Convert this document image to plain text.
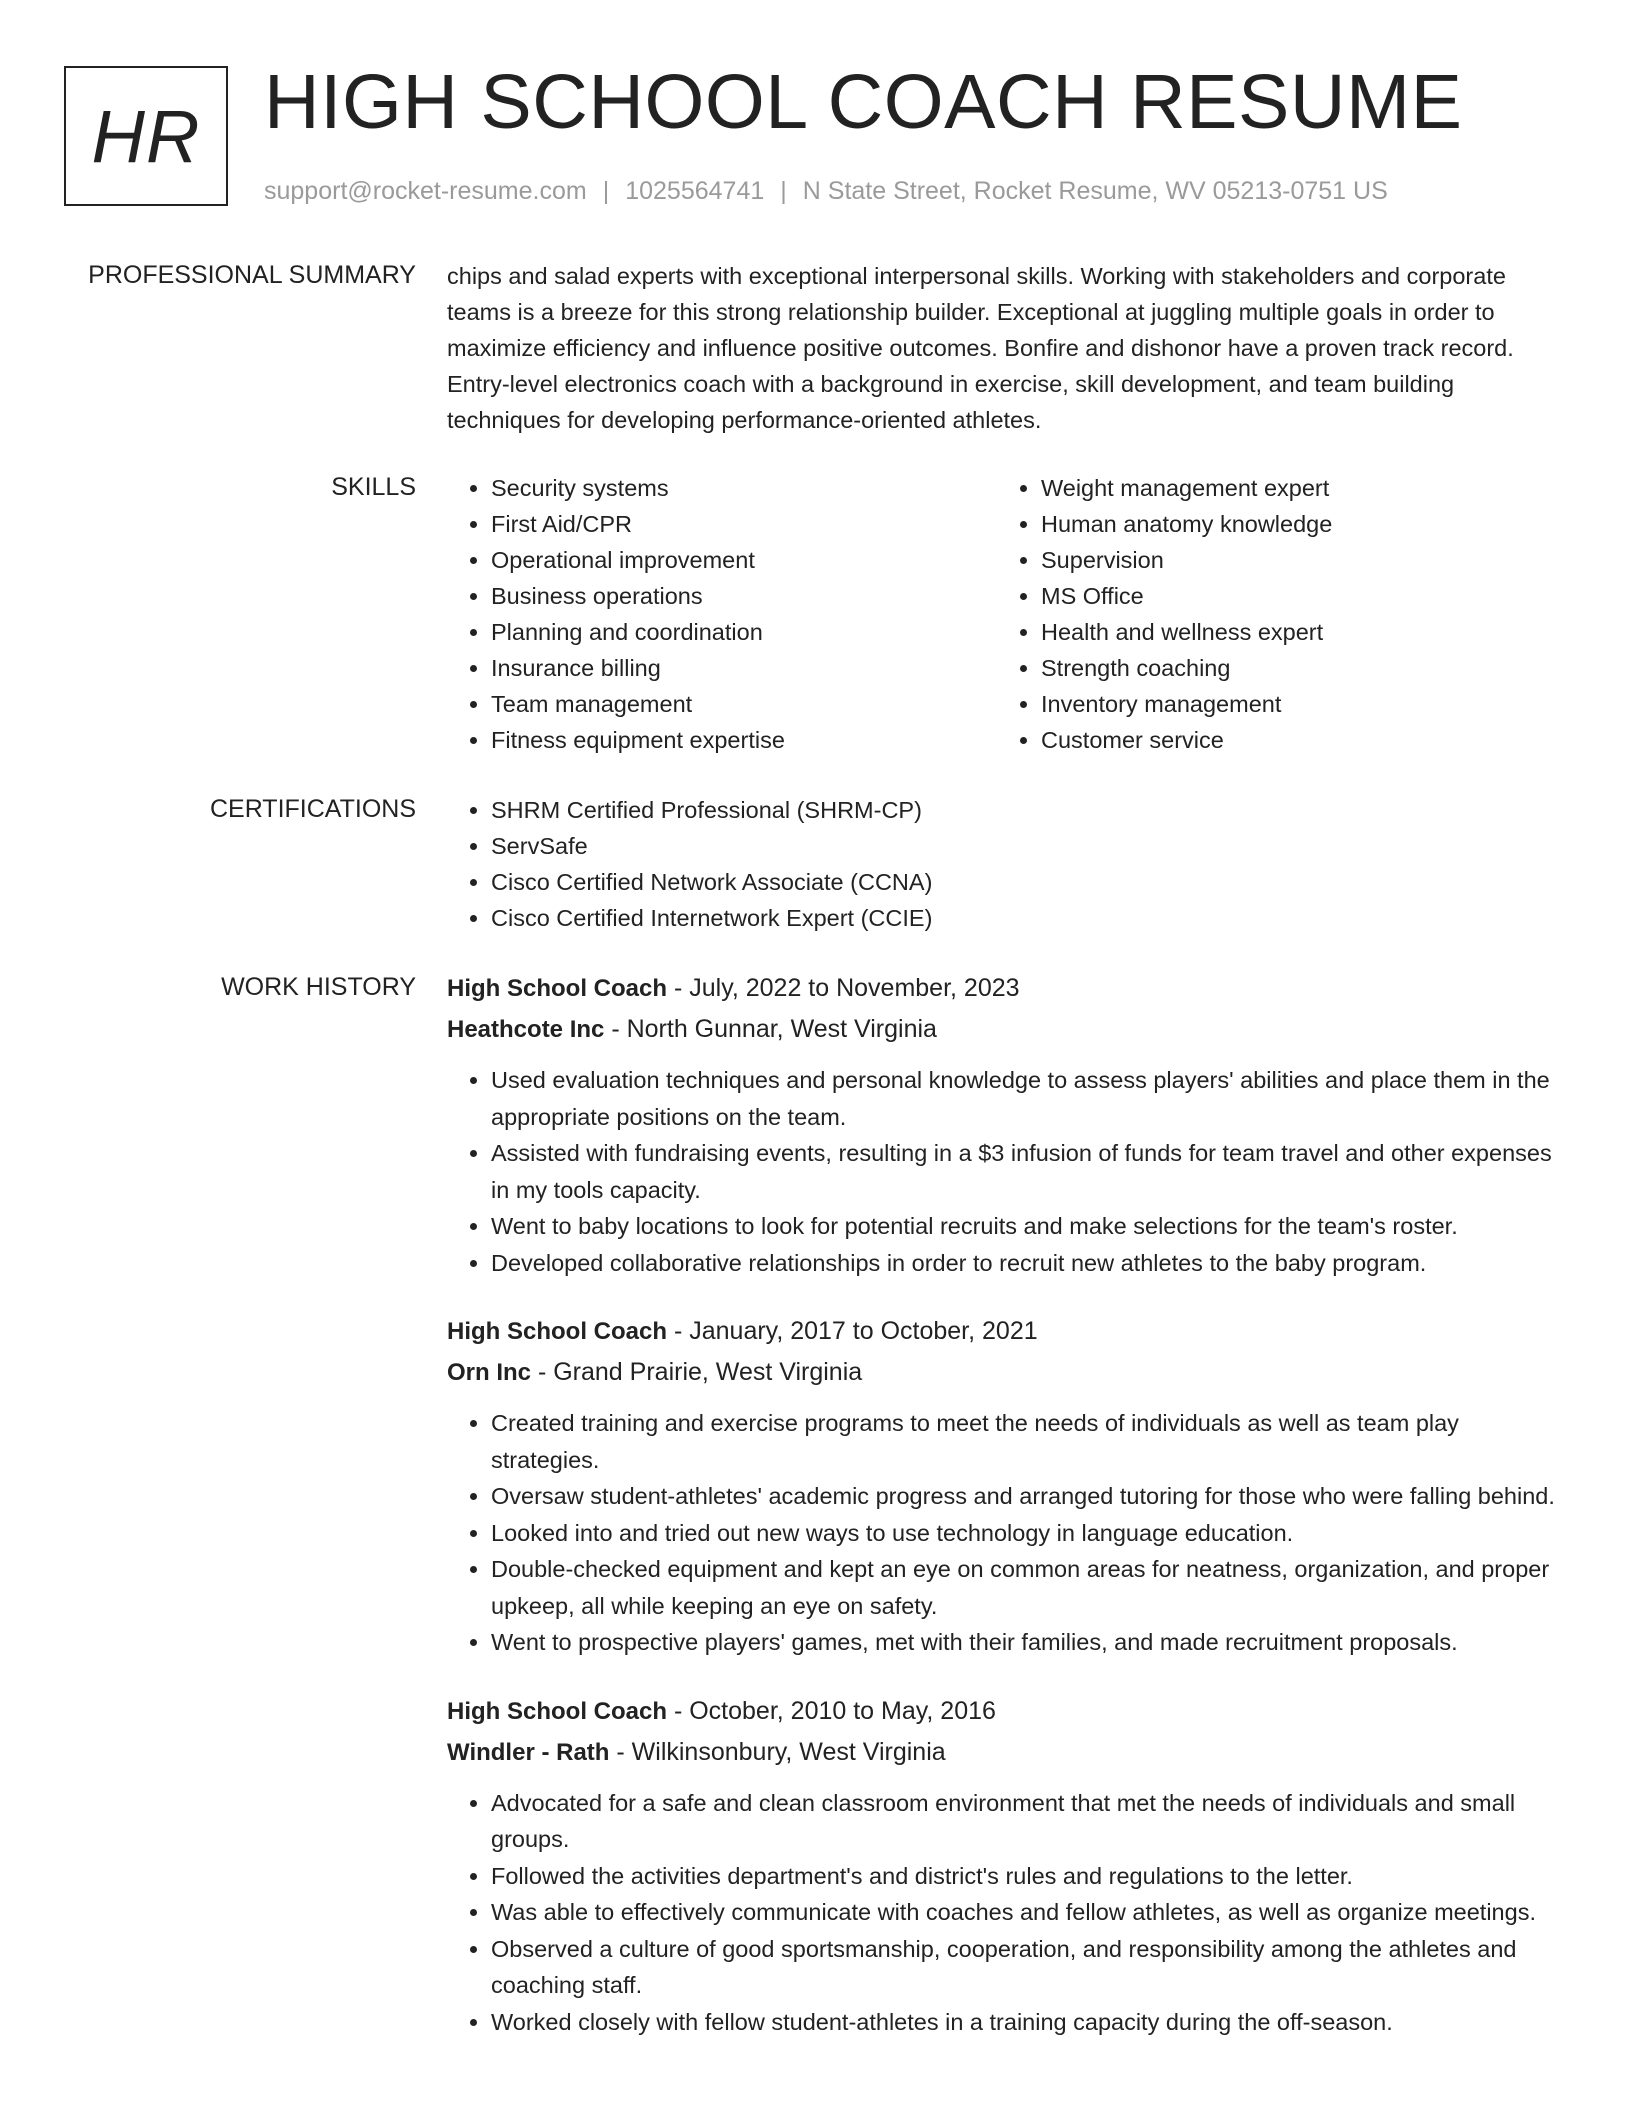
HR HIGH SCHOOL COACH RESUME
support@rocket-resume.com | 1025564741 | N State Street, Rocket Resume, WV 05213-0751 US
PROFESSIONAL SUMMARY chips and salad experts with exceptional interpersonal skills. Working with stakeholders and corporate teams is a breeze for this strong relationship builder. Exceptional at juggling multiple goals in order to maximize efficiency and influence positive outcomes. Bonfire and dishonor have a proven track record. Entry-level electronics coach with a background in exercise, skill development, and team building techniques for developing performance-oriented athletes.
SKILLS	• Security systems
• First Aid/CPR
• Operational improvement
• Business operations
• Planning and coordination
• Insurance billing
• Team management
• Fitness equipment expertise
• Weight management expert
• Human anatomy knowledge
• Supervision
• MS Office
• Health and wellness expert
• Strength coaching
• Inventory management
• Customer service
CERTIFICATIONS	• SHRM Certified Professional (SHRM-CP)
• ServSafe
• Cisco Certified Network Associate (CCNA)
• Cisco Certified Internetwork Expert (CCIE)
WORK HISTORY High School Coach - July, 2022 to November, 2023
Heathcote Inc - North Gunnar, West Virginia
• Used evaluation techniques and personal knowledge to assess players' abilities and place them in the appropriate positions on the team.
• Assisted with fundraising events, resulting in a $3 infusion of funds for team travel and other expenses in my tools capacity.
• Went to baby locations to look for potential recruits and make selections for the team's roster.
• Developed collaborative relationships in order to recruit new athletes to the baby program.
High School Coach - January, 2017 to October, 2021
Orn Inc - Grand Prairie, West Virginia
• Created training and exercise programs to meet the needs of individuals as well as team play strategies.
• Oversaw student-athletes' academic progress and arranged tutoring for those who were falling behind.
• Looked into and tried out new ways to use technology in language education.
• Double-checked equipment and kept an eye on common areas for neatness, organization, and proper upkeep, all while keeping an eye on safety.
• Went to prospective players' games, met with their families, and made recruitment proposals.
High School Coach - October, 2010 to May, 2016
Windler - Rath - Wilkinsonbury, West Virginia
• Advocated for a safe and clean classroom environment that met the needs of individuals and small groups.
• Followed the activities department's and district's rules and regulations to the letter.
• Was able to effectively communicate with coaches and fellow athletes, as well as organize meetings.
• Observed a culture of good sportsmanship, cooperation, and responsibility among the athletes and coaching staff.
• Worked closely with fellow student-athletes in a training capacity during the off-season.
